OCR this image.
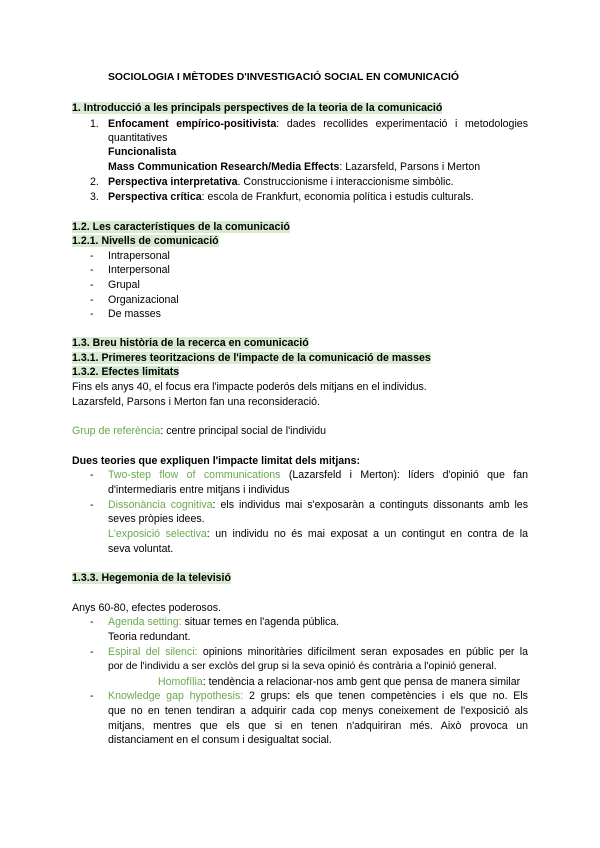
SOCIOLOGIA I MÈTODES D'INVESTIGACIÓ SOCIAL EN COMUNICACIÓ
1. Introducció a les principals perspectives de la teoria de la comunicació
1. Enfocament empírico-positivista: dades recollides experimentació i metodologies
quantitatives
Funcionalista
Mass Communication Research/Media Effects: Lazarsfeld, Parsons i Merton
2. Perspectiva interpretativa. Construccionisme i interaccionisme simbòlic.
3. Perspectiva crítica: escola de Frankfurt, economia política i estudis culturals.
1.2. Les característiques de la comunicació
1.2.1. Nivells de comunicació
- Intrapersonal
- Interpersonal
- Grupal
- Organizacional
- De masses
1.3. Breu història de la recerca en comunicació
1.3.1. Primeres teoritzacions de l'impacte de la comunicació de masses
1.3.2. Efectes limitats
Fins els anys 40, el focus era l'impacte poderós dels mitjans en el individus.
Lazarsfeld, Parsons i Merton fan una reconsideració.
Grup de referència: centre principal social de l'individu
Dues teories que expliquen l'impacte limitat dels mitjans:
- Two-step flow of communications (Lazarsfeld i Merton): líders d'opinió que fan
d'intermediaris entre mitjans i individus
- Dissonància cognitiva: els individus mai s'exposaràn a continguts dissonants amb les
seves pròpies idees.
L'exposició selectiva: un individu no és mai exposat a un contingut en contra de la
seva voluntat.
1.3.3. Hegemonia de la televisió
Anys 60-80, efectes poderosos.
- Agenda setting: situar temes en l'agenda pública.
Teoria redundant.
- Espiral del silenci: opinions minoritàries difícilment seran exposades en públic per la
por de l'individu a ser exclòs del grup si la seva opinió és contrària a l'opinió general.
Homofília: tendència a relacionar-nos amb gent que pensa de manera similar
- Knowledge gap hypothesis: 2 grups: els que tenen competències i els que no. Els
que no en tenen tendiran a adquirir cada cop menys coneixement de l'exposició als
mitjans, mentres que els que si en tenen n'adquiriran més. Això provoca un
distanciament en el consum i desigualtat social.
